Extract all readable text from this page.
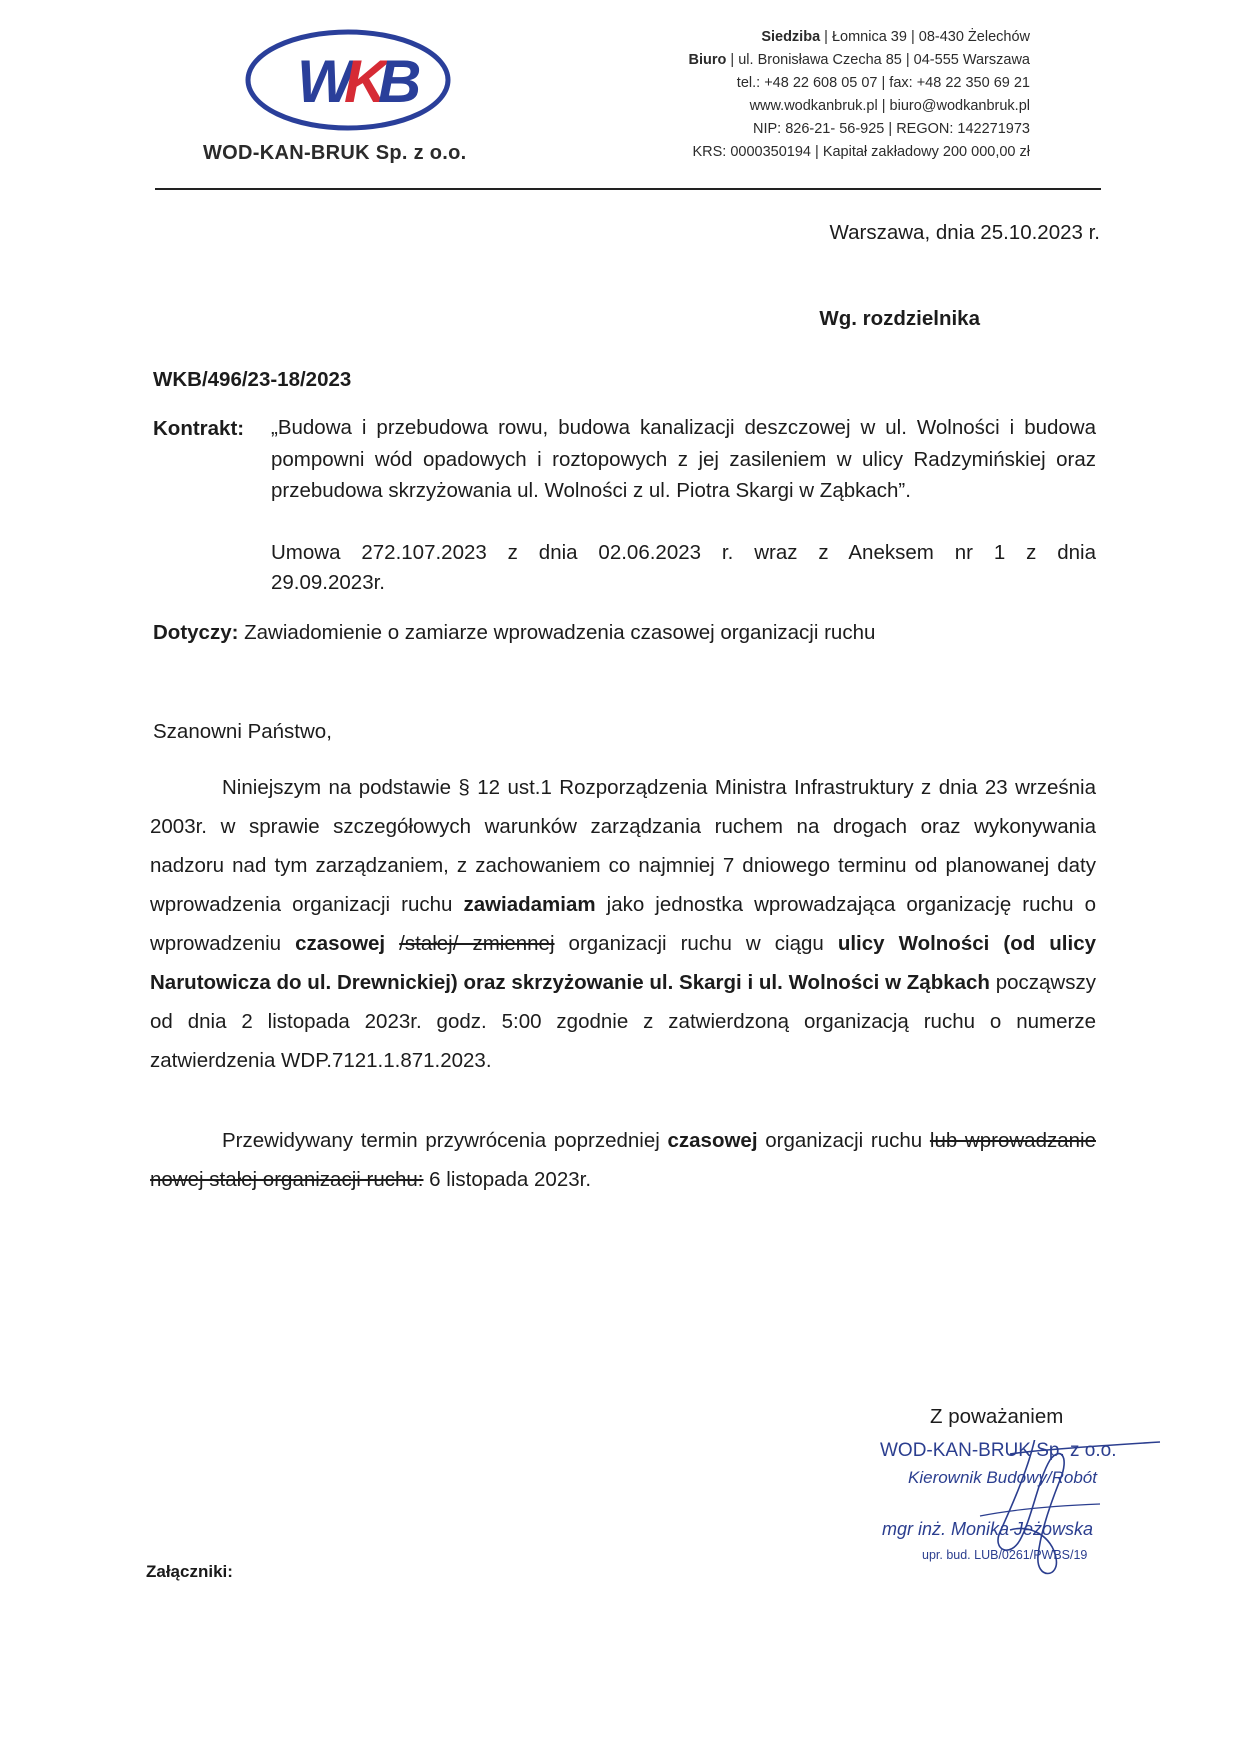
W
K
B
WOD-KAN-BRUK Sp. z o.o.
Siedziba | Łomnica 39 | 08-430 Żelechów
Biuro | ul. Bronisława Czecha 85 | 04-555 Warszawa
tel.: +48 22 608 05 07 | fax: +48 22 350 69 21
www.wodkanbruk.pl | biuro@wodkanbruk.pl
NIP: 826-21- 56-925 | REGON: 142271973
KRS: 0000350194 | Kapitał zakładowy 200 000,00 zł
Warszawa, dnia 25.10.2023 r.
Wg. rozdzielnika
WKB/496/23-18/2023
Kontrakt: „Budowa i przebudowa rowu, budowa kanalizacji deszczowej w ul. Wolności i budowa pompowni wód opadowych i roztopowych z jej zasileniem w ulicy Radzymińskiej oraz przebudowa skrzyżowania ul. Wolności z ul. Piotra Skargi w Ząbkach”.
Umowa 272.107.2023 z dnia 02.06.2023 r. wraz z Aneksem nr 1 z dnia
29.09.2023r.
Dotyczy: Zawiadomienie o zamiarze wprowadzenia czasowej organizacji ruchu
Szanowni Państwo,
Niniejszym na podstawie § 12 ust.1 Rozporządzenia Ministra Infrastruktury z dnia 23 września 2003r. w sprawie szczegółowych warunków zarządzania ruchem na drogach oraz wykonywania nadzoru nad tym zarządzaniem, z zachowaniem co najmniej 7 dniowego terminu od planowanej daty wprowadzenia organizacji ruchu zawiadamiam jako jednostka wprowadzająca organizację ruchu o wprowadzeniu czasowej /stałej/ zmiennej organizacji ruchu w ciągu ulicy Wolności (od ulicy Narutowicza do ul. Drewnickiej) oraz skrzyżowanie ul. Skargi i ul. Wolności w Ząbkach począwszy od dnia 2 listopada 2023r. godz. 5:00 zgodnie z zatwierdzoną organizacją ruchu o numerze zatwierdzenia WDP.7121.1.871.2023.
Przewidywany termin przywrócenia poprzedniej czasowej organizacji ruchu lub wprowadzanie nowej stałej organizacji ruchu: 6 listopada 2023r.
Z poważaniem
WOD-KAN-BRUK Sp. z o.o.
Kierownik Budowy/Robót
mgr inż. Monika Jeżowska
upr. bud. LUB/0261/PWBS/19
Załączniki:
